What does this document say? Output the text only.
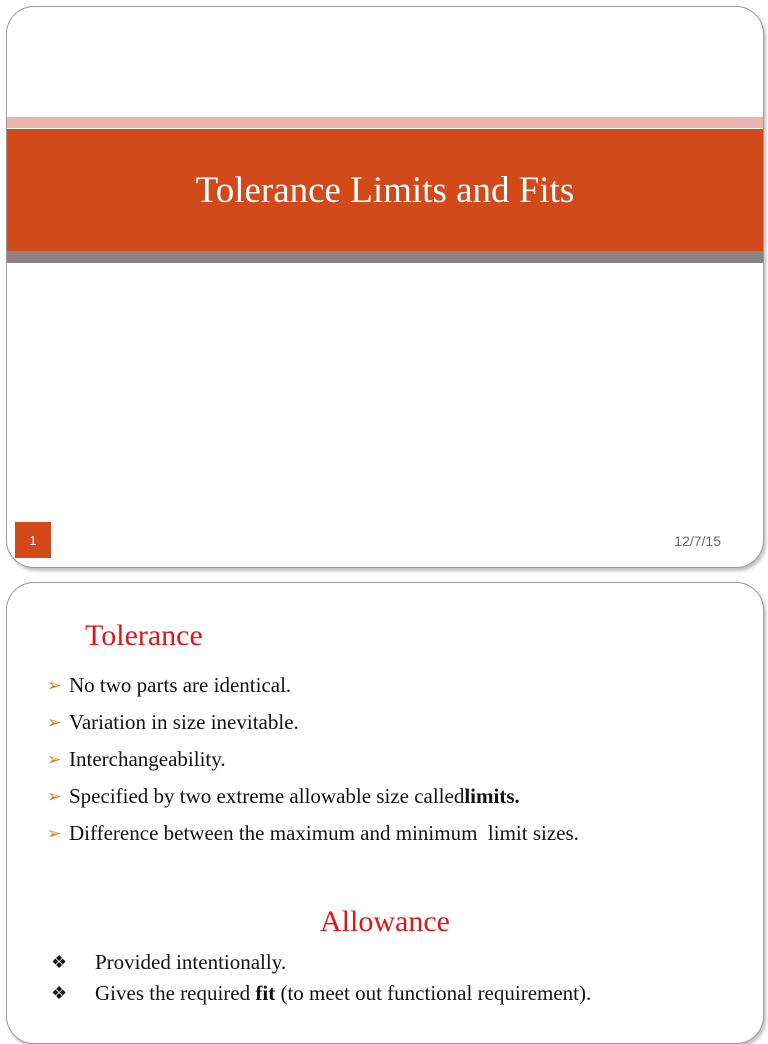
Tolerance Limits and Fits
1	12/7/15
Tolerance
➢ No two parts are identical.
➢ Variation in size inevitable.
➢ Interchangeability.
➢ Specified by two extreme allowable size called limits.
➢ Difference between the maximum and minimum  limit sizes.
Allowance
❖	Provided intentionally.
❖	Gives the required fit (to meet out functional requirement).
